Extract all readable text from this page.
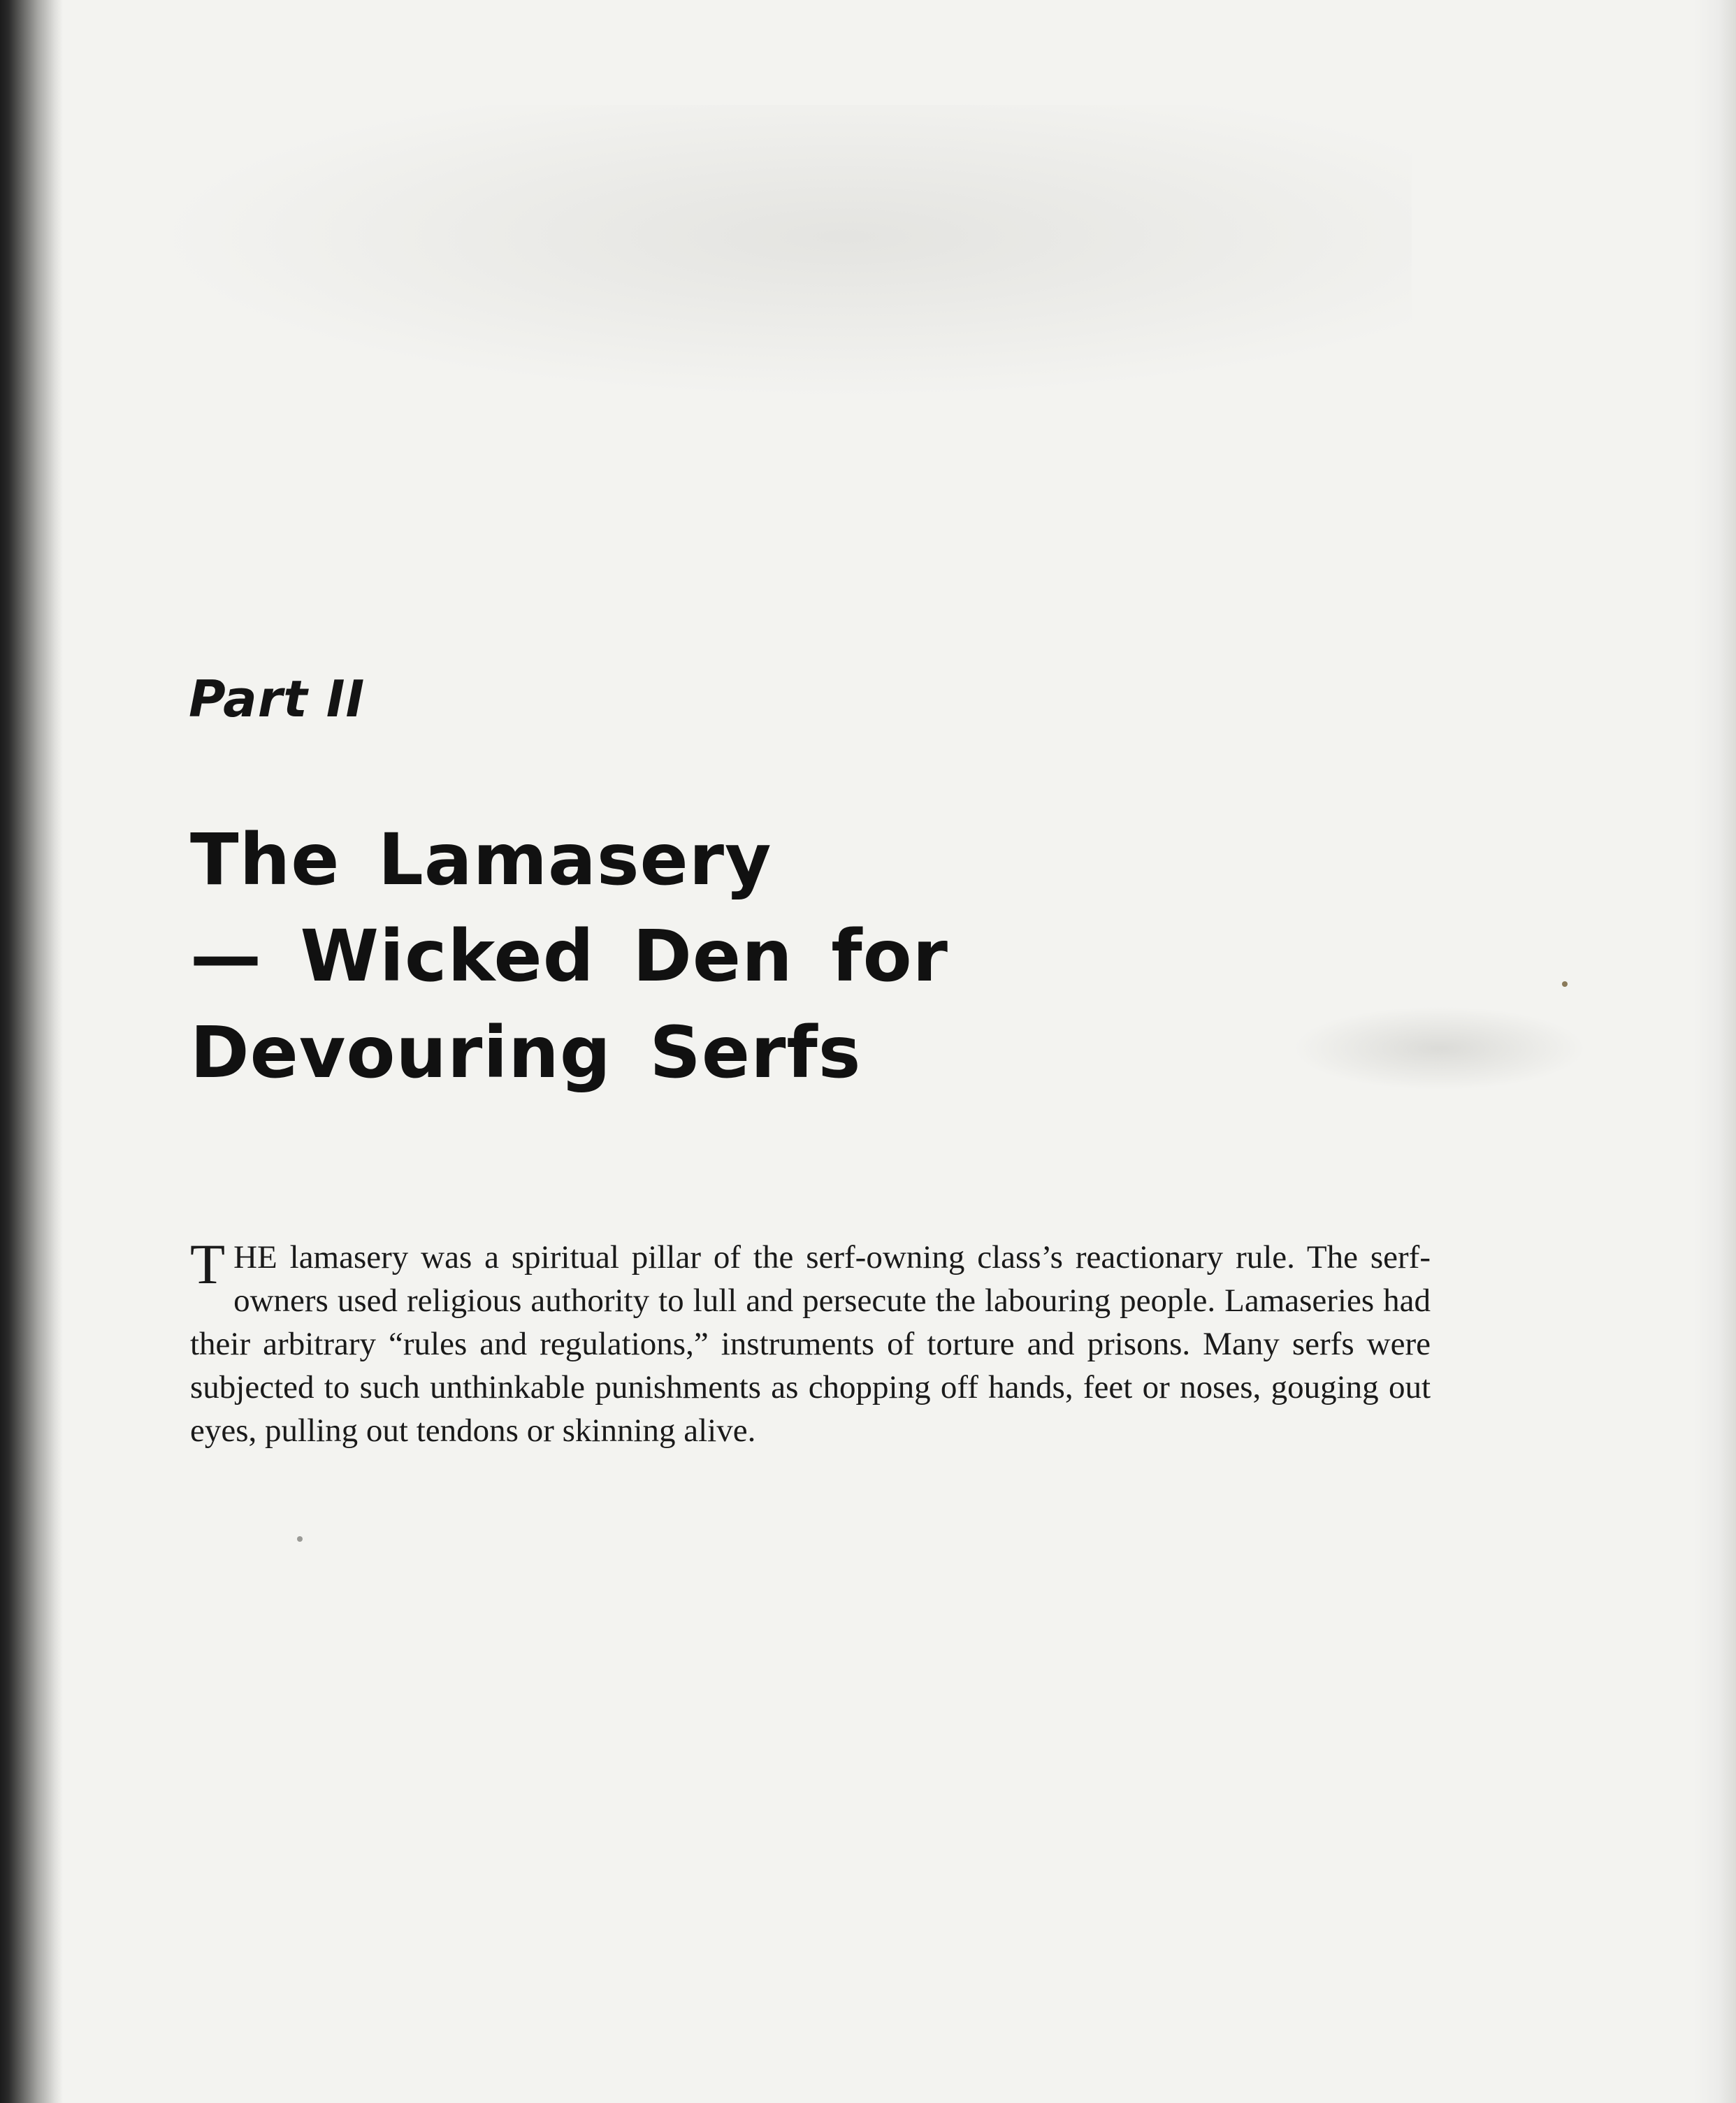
Part II
The Lamasery
— Wicked Den for
Devouring Serfs

THE lamasery was a spiritual pillar of the serf-owning class’s reactionary rule. The serf-owners used religious authority to lull and persecute the labouring people. Lamaseries had their arbitrary “rules and regulations,” instruments of torture and prisons. Many serfs were subjected to such unthinkable punishments as chopping off hands, feet or noses, gouging out eyes, pulling out tendons or skinning alive.
